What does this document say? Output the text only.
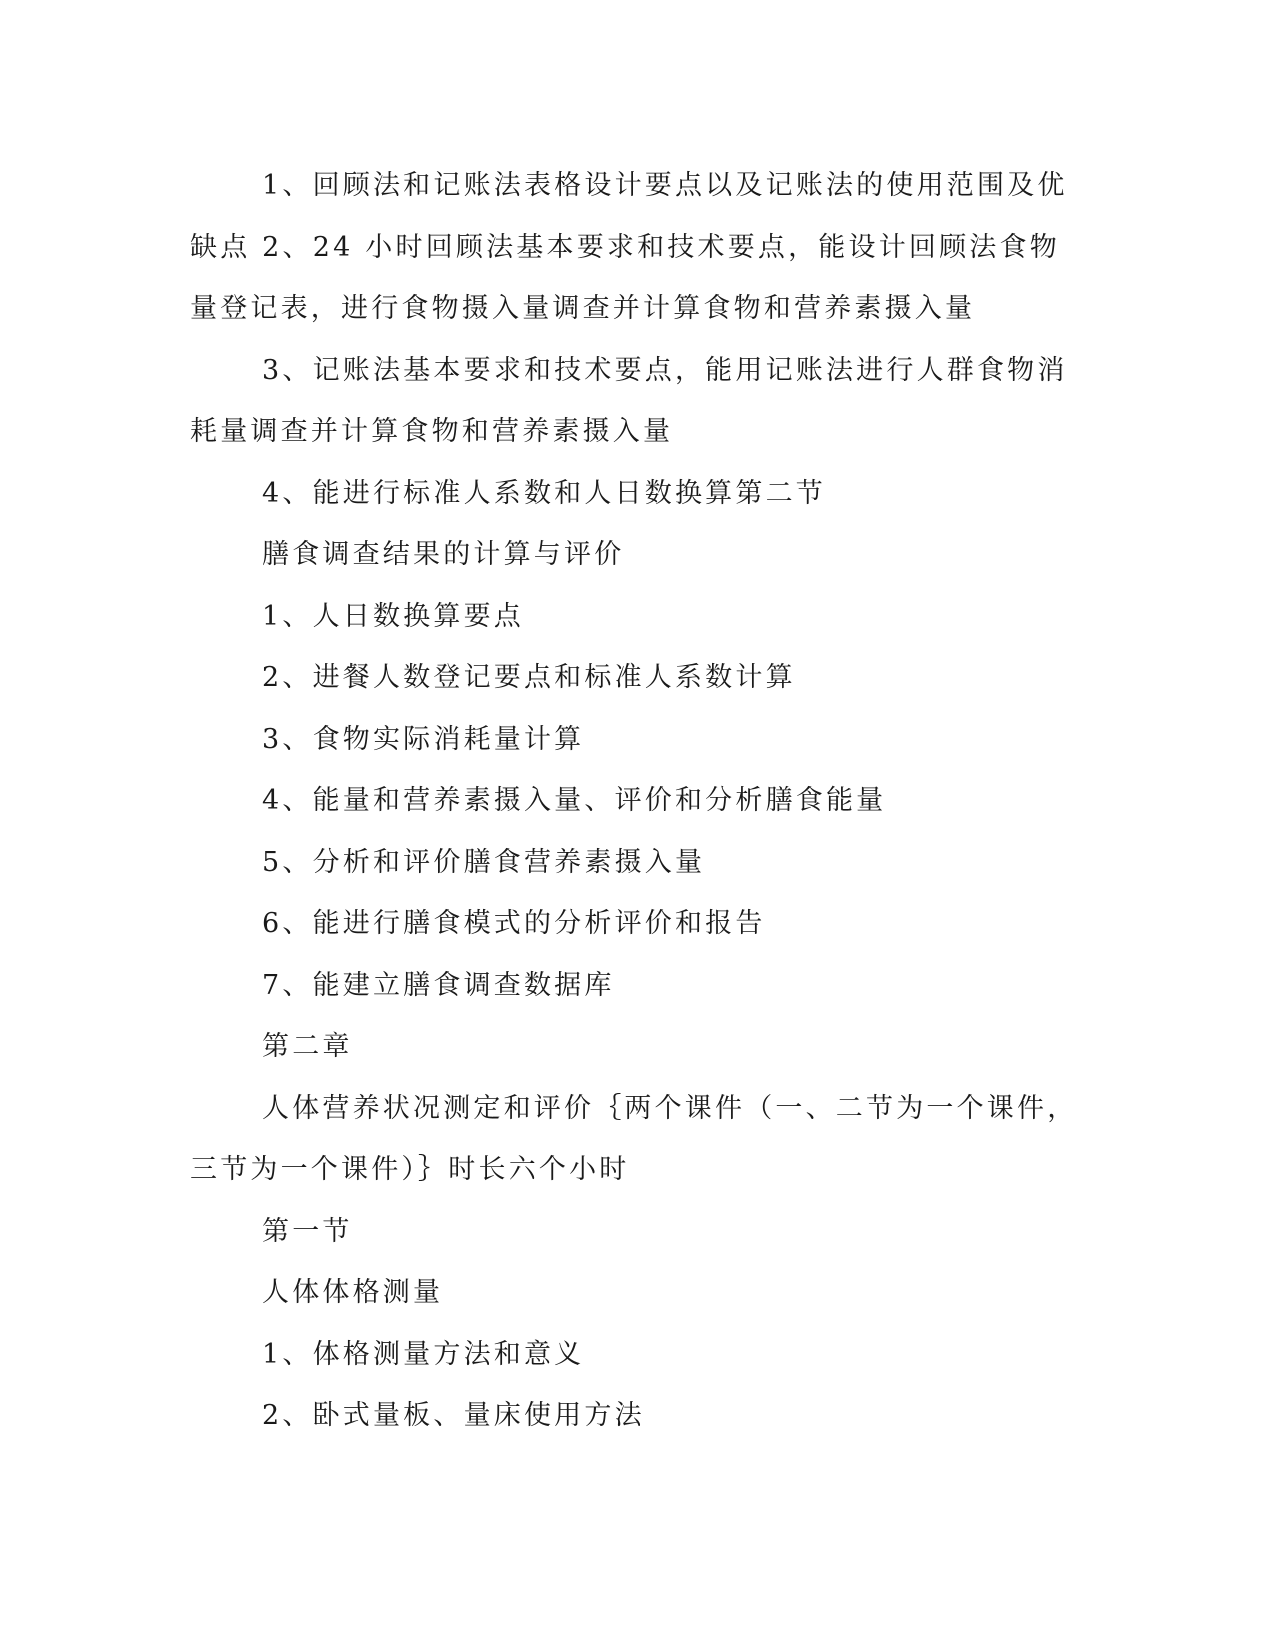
1、回顾法和记账法表格设计要点以及记账法的使用范围及优缺点 2、24 小时回顾法基本要求和技术要点，能设计回顾法食物量登记表，进行食物摄入量调查并计算食物和营养素摄入量

3、记账法基本要求和技术要点，能用记账法进行人群食物消耗量调查并计算食物和营养素摄入量

4、能进行标准人系数和人日数换算第二节

膳食调查结果的计算与评价

1、人日数换算要点

2、进餐人数登记要点和标准人系数计算

3、食物实际消耗量计算

4、能量和营养素摄入量、评价和分析膳食能量

5、分析和评价膳食营养素摄入量

6、能进行膳食模式的分析评价和报告

7、能建立膳食调查数据库

第二章

人体营养状况测定和评价｛两个课件（一、二节为一个课件，三节为一个课件）｝时长六个小时

第一节

人体体格测量

1、体格测量方法和意义

2、卧式量板、量床使用方法
